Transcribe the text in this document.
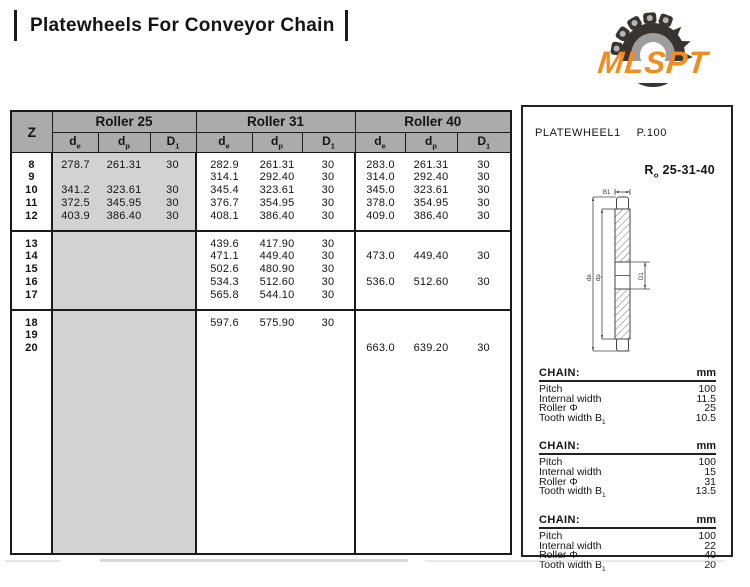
Platewheels For Conveyor Chain
MLSPT
Z	Roller 25			Roller 31			Roller 40		
	$d_e$	$d_p$	$D_1$	$d_e$	$d_p$	$D_1$	$d_e$	$d_p$	$D_1$
8	278.7	261.31	30	282.9	261.31	30	283.0	261.31	30
9				314.1	292.40	30	314.0	292.40	30
10	341.2	323.61	30	345.4	323.61	30	345.0	323.61	30
11	372.5	345.95	30	376.7	354.95	30	378.0	354.95	30
12	403.9	386.40	30	408.1	386.40	30	409.0	386.40	30
13				439.6	417.90	30			
14				471.1	449.40	30	473.0	449.40	30
15				502.6	480.90	30			
16				534.3	512.60	30	536.0	512.60	30
17				565.8	544.10	30			
18				597.6	575.90	30			
19									
20							663.0	639.20	30

PLATEWHEEL1 P.100
$R_o$ 25-31-40
B1
de dp	D1
CHAIN:	mm
Pitch	100
Internal width	11.5
Roller Φ	25
Tooth width $B_1$	10.5
CHAIN:	mm
Pitch	100
Internal width	15
Roller Φ	31
Tooth width $B_1$	13.5
CHAIN:	mm
Pitch	100
Internal width	22
Roller Φ	40
Tooth width $B_1$	20
